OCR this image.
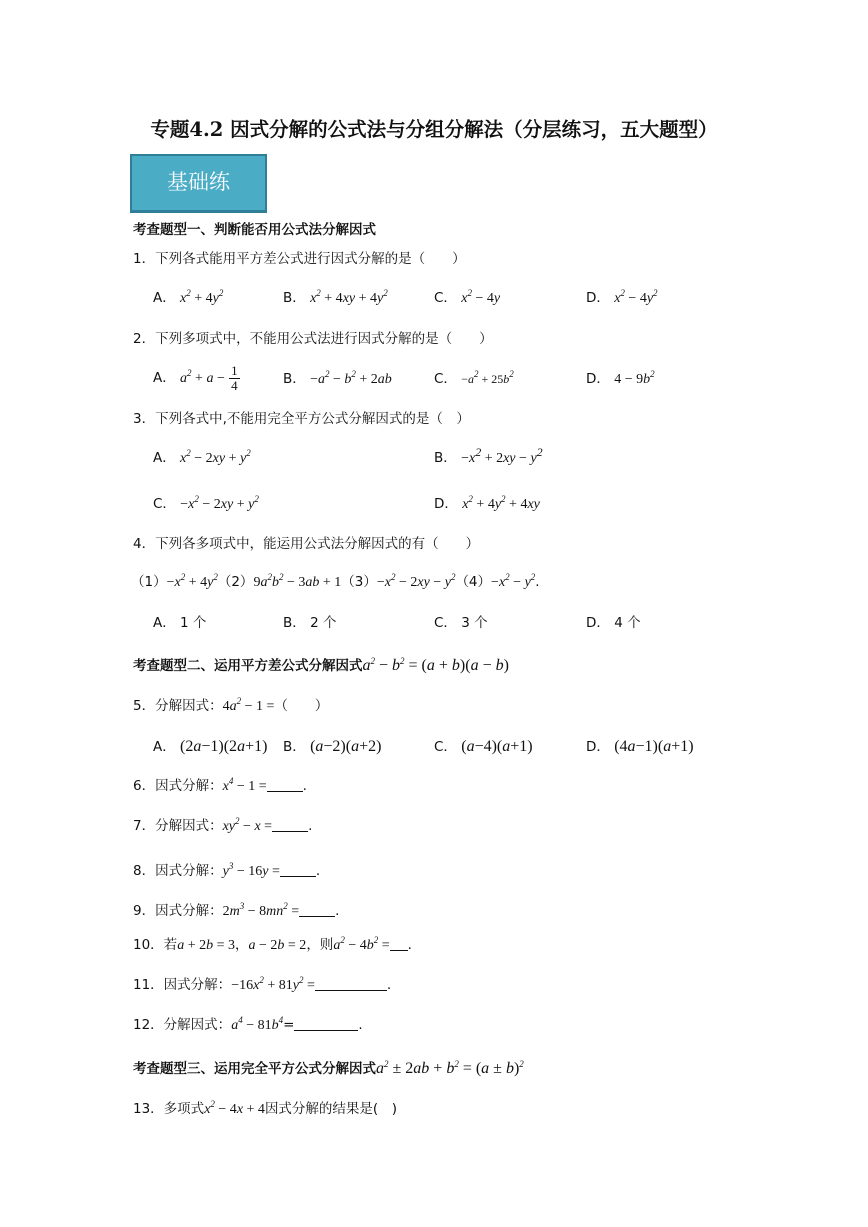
专题4.2 因式分解的公式法与分组分解法（分层练习，五大题型）
基础练
考查题型一、判断能否用公式法分解因式
1．下列各式能用平方差公式进行因式分解的是（　　）
A． $x^2 + 4y^2$	B． $x^2 + 4xy + 4y^2$	C． $x^2 - 4y$	D． $x^2 - 4y^2$
2．下列多项式中，不能用公式法进行因式分解的是（　　）
A． $a^2 + a - \frac{1}{4}$	B． $-a^2 - b^2 + 2ab$	C． $-a^2 + 25b^2$	D． $4 - 9b^2$
3．下列各式中,不能用完全平方公式分解因式的是（　）
A． $x^2 - 2xy + y^2$	B． $-x^2 + 2xy - y^2$
C． $-x^2 - 2xy + y^2$	D． $x^2 + 4y^2 + 4xy$
4．下列各多项式中，能运用公式法分解因式的有（　　）
$(1)-x^2 + 4y^2(2)9a^2b^2 - 3ab + 1(3)-x^2 - 2xy - y^2(4)-x^2 - y^2$.
A． 1 个	B． 2 个	C． 3 个	D． 4 个
考查题型二、运用平方差公式分解因式$a^2 - b^2 = (a + b)(a - b)$
5．分解因式：$4a^2 - 1$ =（　　）
A． (2a−1)(2a+1) B． (a−2)(a+2)	C． (a−4)(a+1)	D． (4a−1)(a+1)
6．因式分解：$x^4 - 1$ =	.
7．分解因式：$xy^2 - x$ =	.
8．因式分解：$y^3 - 16y$ =	.
9．因式分解：$2m^3 - 8mn^2$ =	.
10．若a + 2b = 3，a − 2b = 2，则$a^2 - 4b^2$ = .
11．因式分解：$-16x^2 + 81y^2$ =	.
12．分解因式：$a^4 - 81b^4=$	.
考查题型三、运用完全平方公式分解因式$a^2 \pm 2ab + b^2 = (a \pm b)^2$
13．多项式$x^2 - 4x + 4$因式分解的结果是(　)
